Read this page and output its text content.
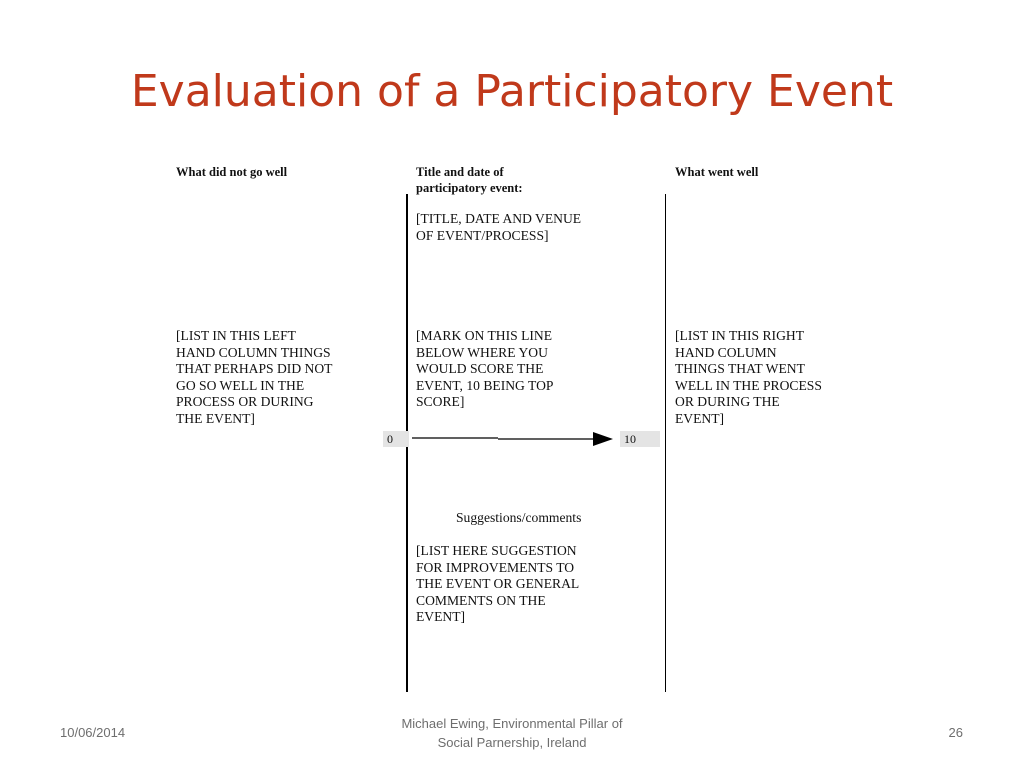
Evaluation of a Participatory Event
What did not go well	Title and date of
participatory event:
What went well
[TITLE, DATE AND VENUE
OF EVENT/PROCESS]
[LIST IN THIS LEFT
HAND COLUMN THINGS
THAT PERHAPS DID NOT
GO SO WELL IN THE
PROCESS OR DURING
THE EVENT]
[MARK ON THIS LINE
BELOW WHERE YOU
WOULD SCORE THE
EVENT, 10 BEING TOP
SCORE]
[LIST IN THIS RIGHT
HAND COLUMN
THINGS THAT WENT
WELL IN THE PROCESS
OR DURING THE
EVENT]
0	10
Suggestions/comments
[LIST HERE SUGGESTION
FOR IMPROVEMENTS TO
THE EVENT OR GENERAL
COMMENTS ON THE
EVENT]
10/06/2014
Michael Ewing, Environmental Pillar of
Social Parnership, Ireland
26
